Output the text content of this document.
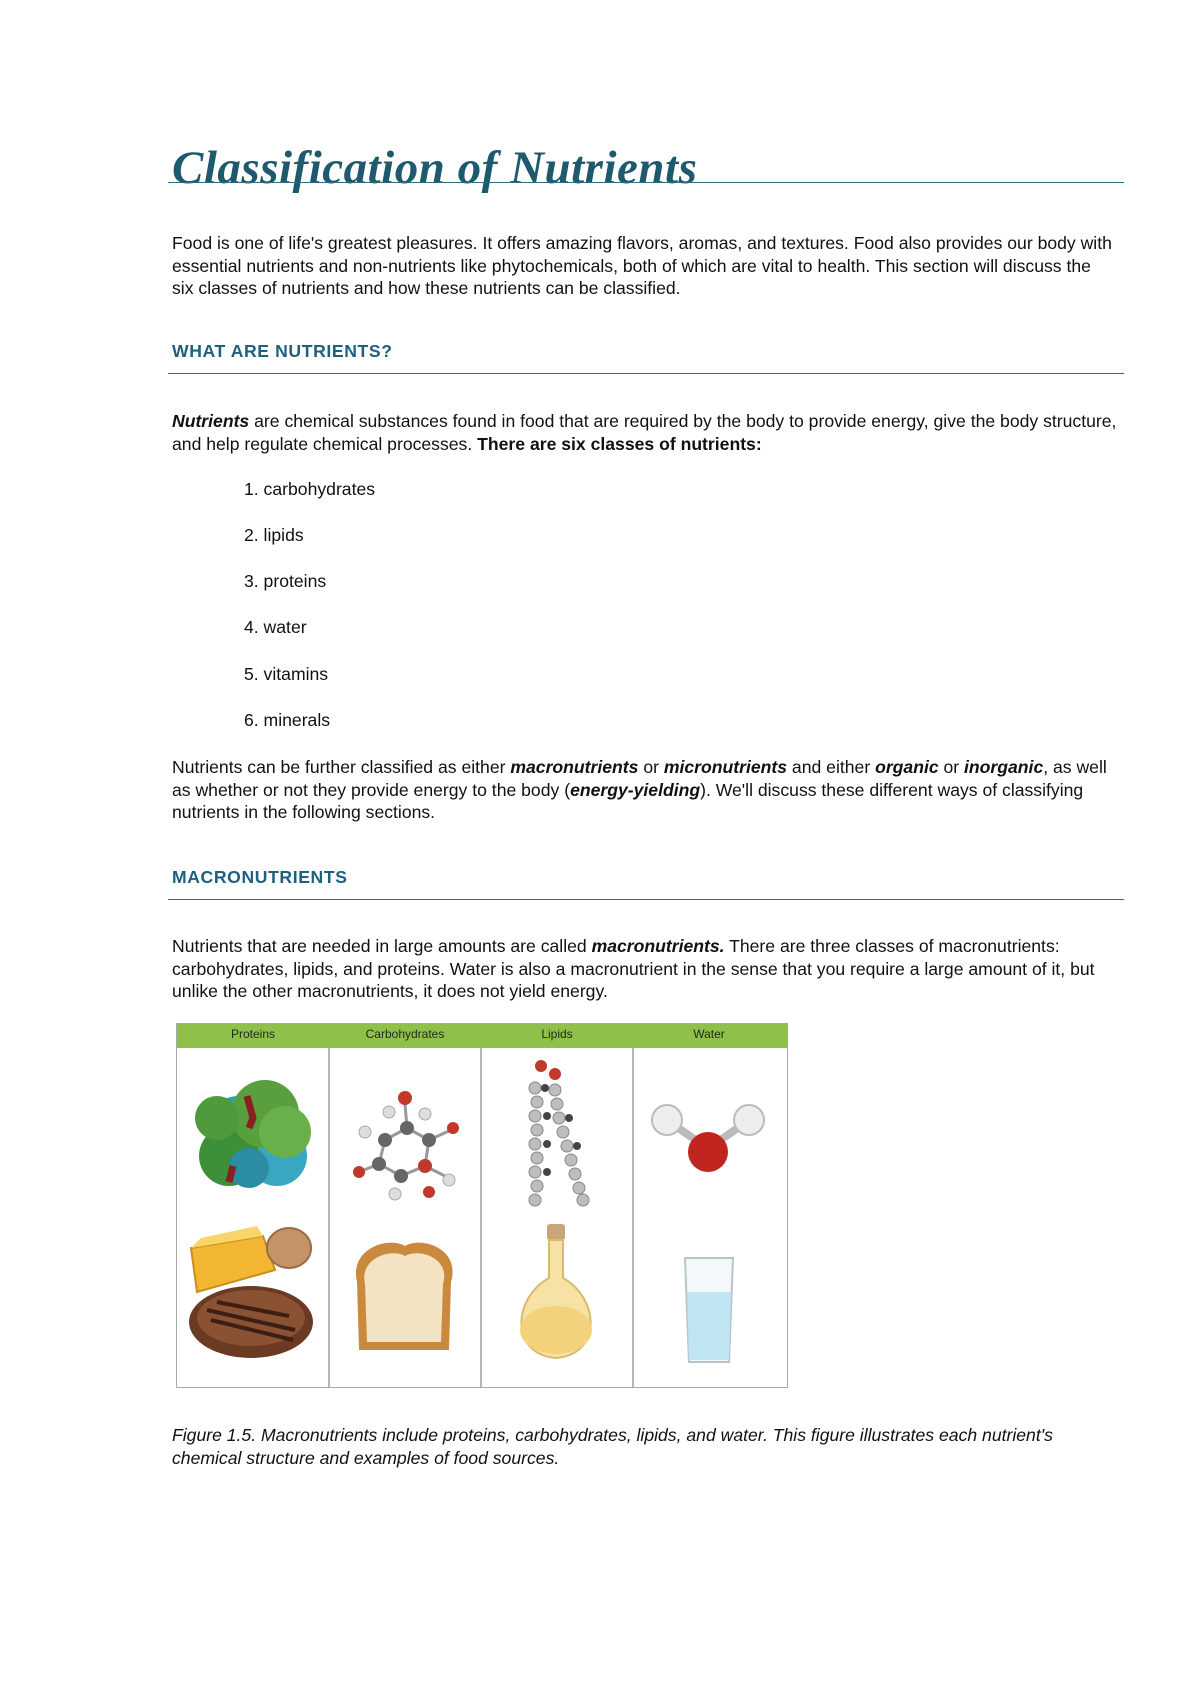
Classification of Nutrients

Food is one of life's greatest pleasures. It offers amazing flavors, aromas, and textures. Food also provides our body with essential nutrients and non-nutrients like phytochemicals, both of which are vital to health. This section will discuss the six classes of nutrients and how these nutrients can be classified.

WHAT ARE NUTRIENTS?

Nutrients are chemical substances found in food that are required by the body to provide energy, give the body structure, and help regulate chemical processes. There are six classes of nutrients:

1. carbohydrates

2. lipids

3. proteins

4. water

5. vitamins

6. minerals

Nutrients can be further classified as either macronutrients or micronutrients and either organic or inorganic, as well as whether or not they provide energy to the body (energy-yielding). We'll discuss these different ways of classifying nutrients in the following sections.

MACRONUTRIENTS

Nutrients that are needed in large amounts are called macronutrients. There are three classes of macronutrients: carbohydrates, lipids, and proteins. Water is also a macronutrient in the sense that you require a large amount of it, but unlike the other macronutrients, it does not yield energy.

Proteins	Carbohydrates	Lipids	Water

Figure 1.5. Macronutrients include proteins, carbohydrates, lipids, and water. This figure illustrates each nutrient's chemical structure and examples of food sources.
